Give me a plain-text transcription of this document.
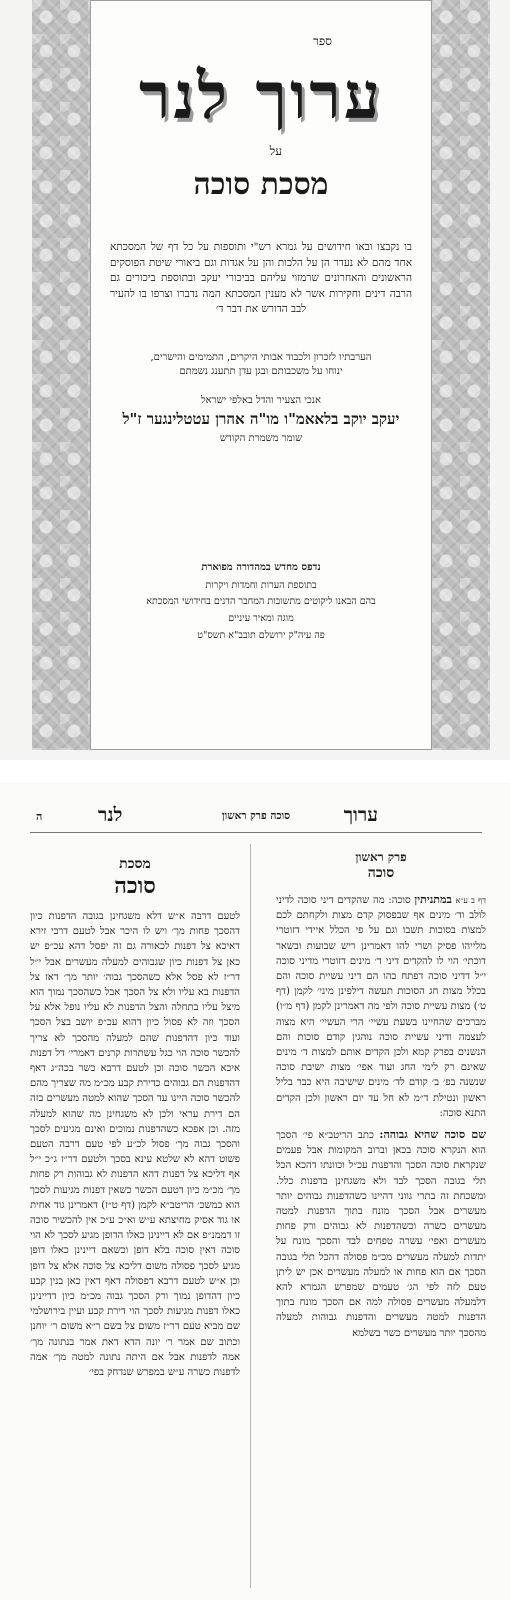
ספר
ערוך לנר
על
מסכת סוכה
בו נקבצו ובאו חידושים על גמרא רש"י ותוספות על כל דף של המסכתא אחד מהם לא נעדר הן על הלכות והן על אגדות וגם ביאורי שיטת הפוסקים הראשונים והאחרונים שרמזוי עליהם בביכורי יעקב ובתוספת ביכורים גם הרבה דינים וחקירות אשר לא מענין המסכתא המה נדברו וצרפו בו להעיר לבב הדורש את דבר ד׳
הערבתיו לזכרון ולכבוד אבותי היקרים, התמימים והישרים,
ינוחו על משכבותם ובגן עדן תתענג נשמתם
אנכי הצעיר והדל באלפי ישראל
יעקב יוקב בלאאמ"ו מו"ה אהרן עטטלינגער ז"ל
שומר משמרת הקודש
נדפס מחדש במהדורה מפוארת
בתוספת הערות וחמדות ויקרות
בהם הבאנו ליקוטים מתשובות המחבר הדנים בחידושי המסכתא
מוגה ומאיר עיניים
פה עיה"ק ירושלם תובב"א תשס"ט
ערוך
סוכה פרק ראשון
לנר
ה
פרק ראשון
סוכה

דף ב ע״א במתניתין סוכה: מה שהקדים דיני סוכה לדיני לולב וד׳ מינים אף שבפסוק קדם מצות ולקחתם לכם למצות בסוכות תשבו וגם על פי הכלל איידי דזוטרי מלייהו פסיק ושרי להו דאמרינן ריש שבועות ובשאר דוכתי׳ הוי לו להקדים דיני ד׳ מינים דזוטרי מדיני סוכה י״ל דדיני סוכה דפתח בהו הם דיני עשיית סוכה והם בכלל מצות חג הסוכות תעשה דילפינן מיני׳ לקמן (דף ט׳) מצות עשיית סוכה ולפי מה דאמרינן לקמן (דף מ״ו) מברכים שהחיינו בשעת עשיי׳ הרי העשיי׳ היא מצוה לעצמה ודיני עשיית סוכה נוהגין קודם סוכות והם הנשנים בפרק קמא ולכן הקדים אותם למצות ד׳ מינים שאינם רק לימי החג ועוד אפי׳ מצות ישיבת סוכה שנשנה בפ׳ ב׳ קודם לד׳ מינים שישיבה היא כבר בליל ראשון ונטילת ד״מ לא חל עד יום ראשון ולכן הקדים התנא סוכה:

שם סוכה שהיא גבוהה: כתב הריטב״א פי׳ הסכך הוא הנקרא סוכה בכאן וברוב המקומות אבל פעמים שנקראת סוכה הסכך והדפנות עכ״ל וכוונתו דהכא הכל תלי בגובה הסכך לבד ולא משגחינן בדפנות כלל. ומשכחת זה בתרי גווני דהיינו כשהדפנות גבוהים יותר מעשרים אבל הסכך מונח בתוך הדפנות למטה מעשרים כשרה וכשהדפנות לא גבוהים ורק פחות מעשרים ואפי׳ עשרה טפחים לבד והסכך מונח על יתדות למעלה מעשרים מכ״מ פסולה דהכל תלי בגובה הסכך אם הוא פחות או למעלה מעשרים אכן יש ליתן טעם לזה לפי הג׳ טעמים שמפרש הגמרא להא דלמעלה מעשרים פסולה למה אם הסכך מונח בתוך הדפנות למטה מעשרים והדפנות גבוהות למעלה מהסכך יותר מעשרים כשר בשלמא

מסכת
סוכה

לטעם דרבה א״ש דלא משגחינן בגובה הדפנות כיון דהסכך פחות מך׳ ויש לו היכר אבל לטעם דרבי זירא דאיכא צל דפנות לכאורה גם זה יפסל דהא עכ״פ יש כאן צל דפנות כיון שגבוהים למעלה מעשרים אבל י״ל דר״ז לא פסל אלא כשהסכך גבוה׳ יותר מך׳ דאז צל הדפנות בא עליו ולא צל הסכך אבל כשהסכך נמוך הוא מיצל עליו בתחלה והצל הדפנות לא עליו נופל אלא על הסכך וזה לא פסול כיון דהוא עכ״פ יושב בצל הסכך ועוד כיון דהדפנות שהם למעלה מהסכך לא צריך להכשר סוכה הוי כגל עשתרות קרנים דאמרי׳ דל דפנות איכא הכשר סוכה וכן לטעם דרבא כשר בכה״ג דאף דהדפנות הם גבוהים כדירת קבע מכ״מ מה שצריך מהם להכשר סוכה היינו עד הסכך שהוא למטה מעשרים בזה הם דירת עראי ולכן לא משגחינן מה שהוא למעלה מזה. וכן אפכא כשהדפנות נמוכים ואינם מגיעים לסכך והסכך גבוה מך׳ פסול לכ״ע לפי טעם דרבה הטעם פשוט דהא לא שלטא עינא בסכך ולטעם דר״ז ג״כ י״ל אף דליכא צל דפנות דהא הדפנות לא גבוהות רק פחות מך׳ מכ״מ כיון דטעם הכשר כשאין דפנות מגיעות לסכך הוא כמשכ׳ הריטב״א לקמן (דף ט״ז) דאמרינן גוד אחית או גוד אסיק מחיצתא ע״ש וא״כ ע״כ אין להכשיר סוכה זו דממנ״פ אם לא דיינינן כאלו הדופן מגיע לסכך לא הוי סוכה דאין סוכה בלא דופן וכשאם דיינינן כאלו דופן מגיע לסכך פסולה משום דליכא צל סוכה אלא צל דופן וכן א״ש לטעם דרבא דפסולה דאף דאין כאן בנין קבע כיון דהדופן נמוך ורק הסכך גבוה מכ״מ כיון דדיינינן כאלו דפנות מגיעות לסכך הוי דירת קבע ועיין בירושלמי שם מביא טעם דר״ז משום צל בשם ר״א משום ר׳ יוחנן וכתוב שם אמר ר׳ יונה הדא דאת אמר בנתונה מך׳ אמה לדפנות אבל אם היתה נתונה למטה מך׳ אמה לדפנות כשרה ע״ש במפרש שנדחק בפי׳
